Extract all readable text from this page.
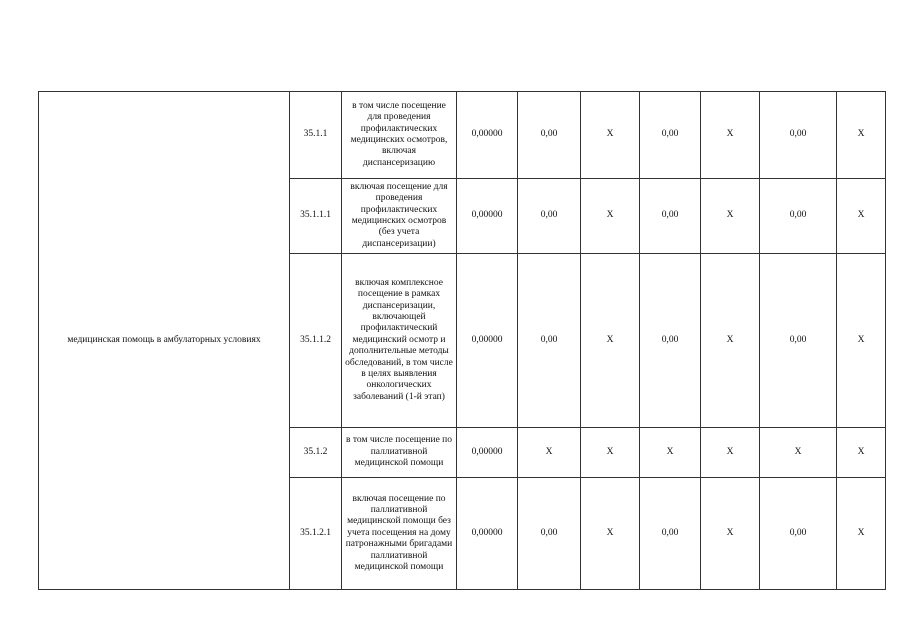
медицинская помощь в амбулаторных условиях	35.1.1	в том числе посещение для проведения профилактических медицинских осмотров, включая диспансеризацию	0,00000	0,00	X	0,00	X	0,00	X
	35.1.1.1	включая посещение для проведения профилактических медицинских осмотров (без учета диспансеризации)	0,00000	0,00	X	0,00	X	0,00	X
	35.1.1.2	включая комплексное посещение в рамках диспансеризации, включающей профилактический медицинский осмотр и дополнительные методы обследований, в том числе в целях выявления онкологических заболеваний (1-й этап)	0,00000	0,00	X	0,00	X	0,00	X
	35.1.2	в том числе посещение по паллиативной медицинской помощи	0,00000	X	X	X	X	X	X
	35.1.2.1	включая посещение по паллиативной медицинской помощи без учета посещения на дому патронажными бригадами паллиативной медицинской помощи	0,00000	0,00	X	0,00	X	0,00	X
